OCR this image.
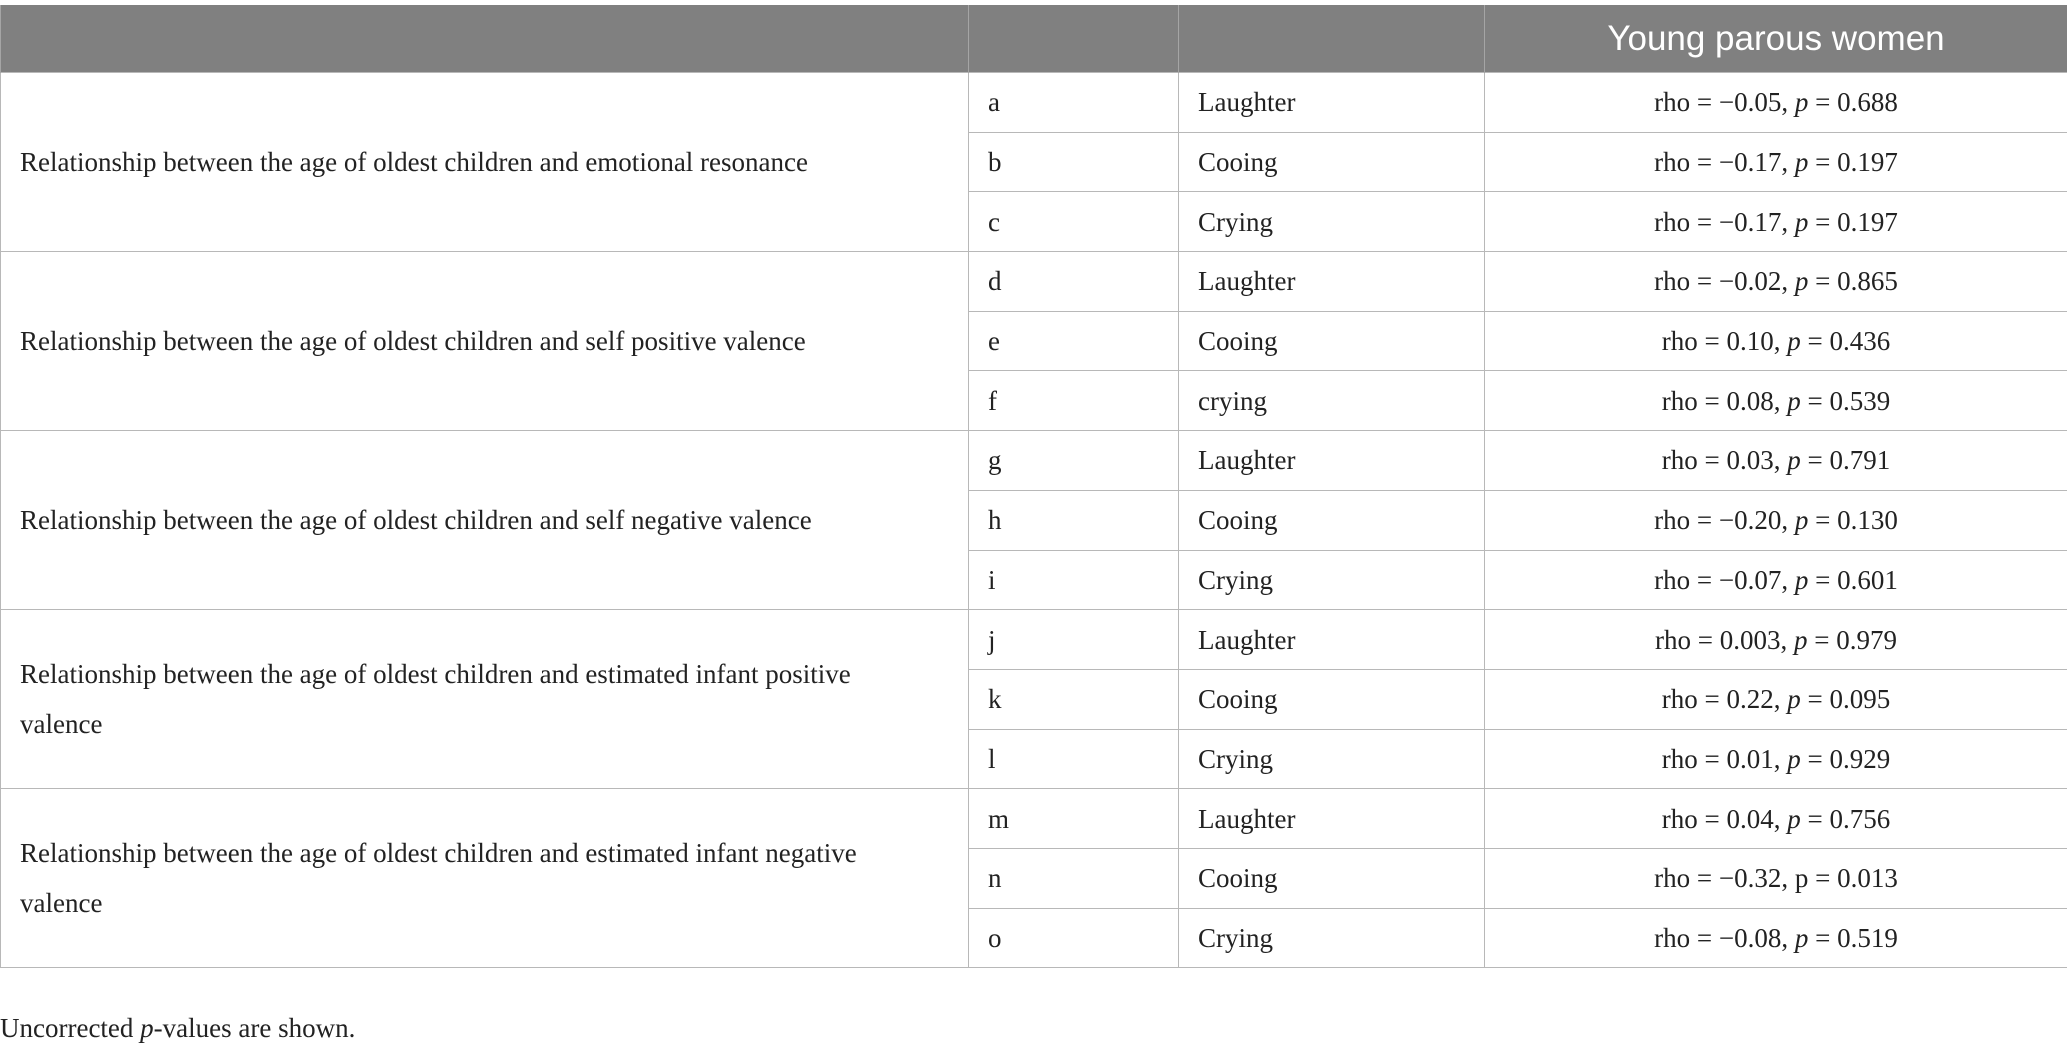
			Young parous women
Relationship between the age of oldest children and emotional resonance	a	Laughter	rho = −0.05, p = 0.688
	b	Cooing	rho = −0.17, p = 0.197
	c	Crying	rho = −0.17, p = 0.197
Relationship between the age of oldest children and self positive valence	d	Laughter	rho = −0.02, p = 0.865
	e	Cooing	rho = 0.10, p = 0.436
	f	crying	rho = 0.08, p = 0.539
Relationship between the age of oldest children and self negative valence	g	Laughter	rho = 0.03, p = 0.791
	h	Cooing	rho = −0.20, p = 0.130
	i	Crying	rho = −0.07, p = 0.601
Relationship between the age of oldest children and estimated infant positive valence	j	Laughter	rho = 0.003, p = 0.979
	k	Cooing	rho = 0.22, p = 0.095
	l	Crying	rho = 0.01, p = 0.929
Relationship between the age of oldest children and estimated infant negative valence	m	Laughter	rho = 0.04, p = 0.756
	n	Cooing	rho = −0.32, p = 0.013
	o	Crying	rho = −0.08, p = 0.519
Uncorrected p-values are shown.
